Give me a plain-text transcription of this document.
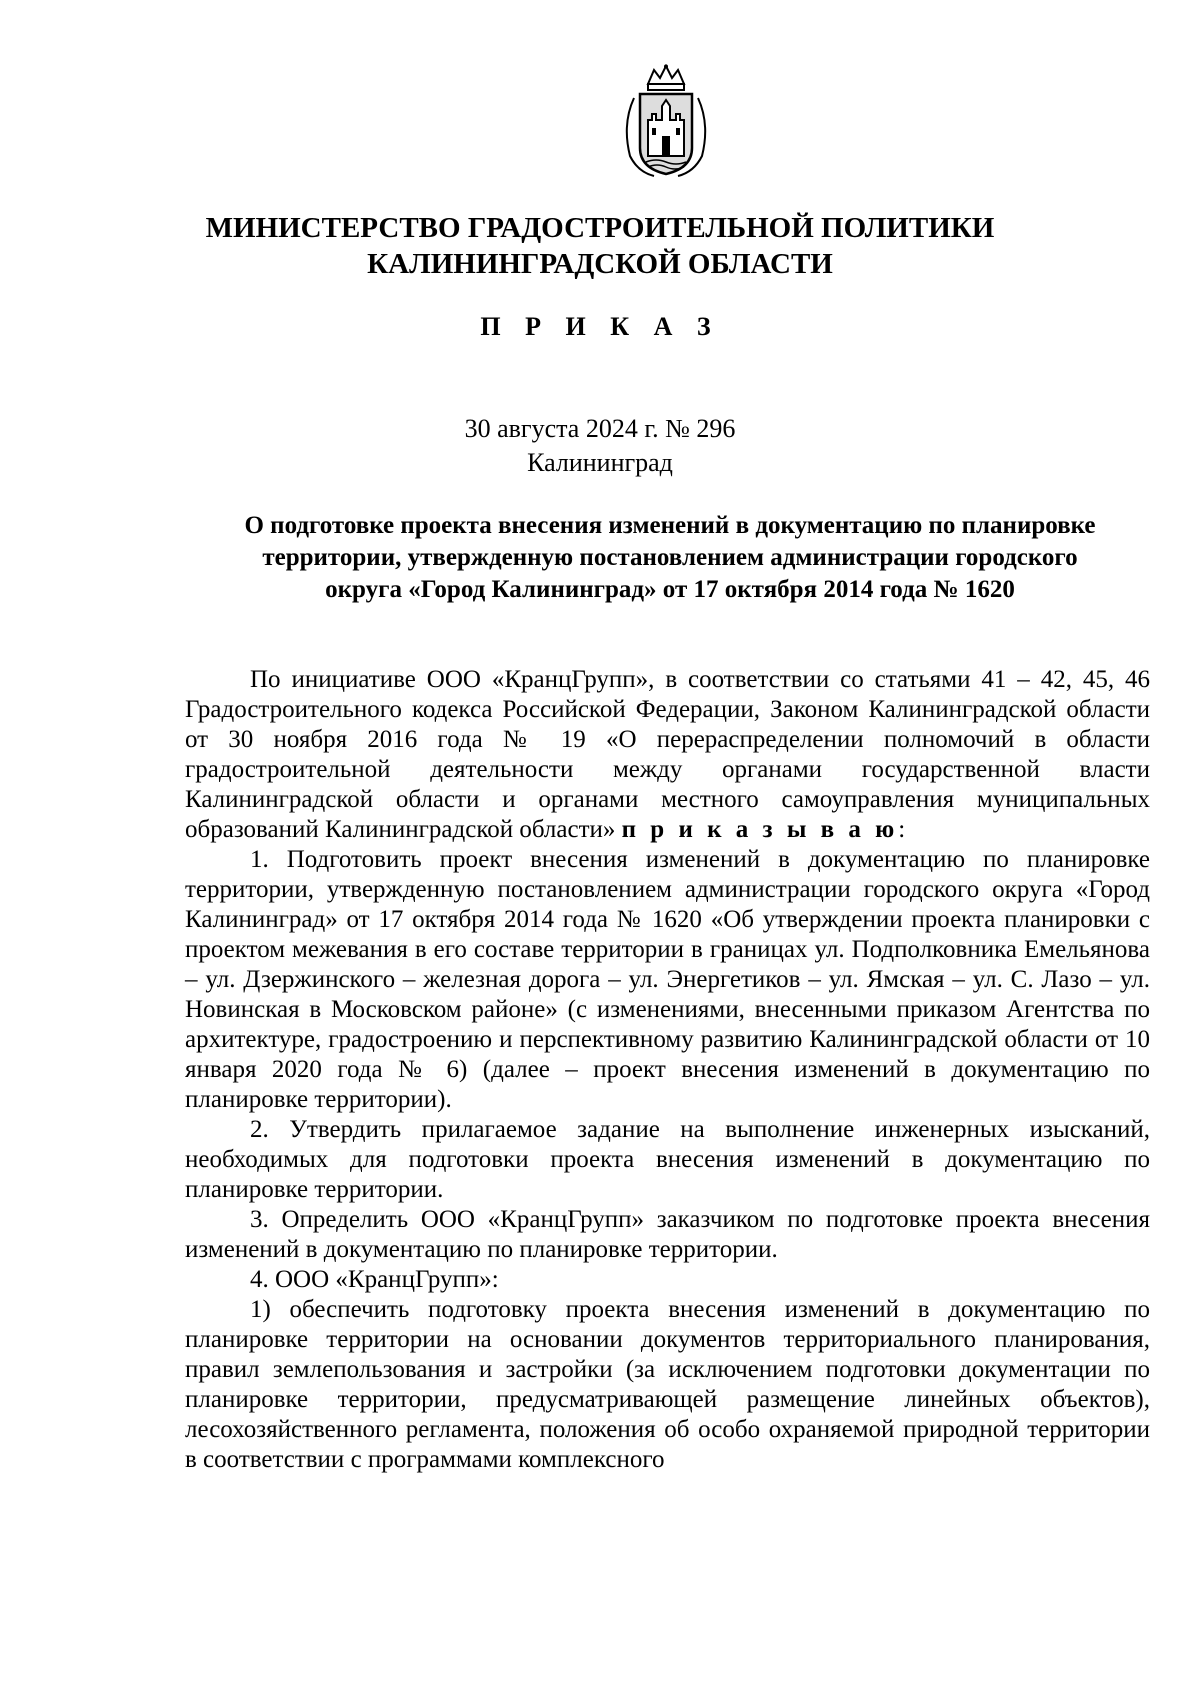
МИНИСТЕРСТВО ГРАДОСТРОИТЕЛЬНОЙ ПОЛИТИКИ
КАЛИНИНГРАДСКОЙ ОБЛАСТИ
П Р И К А З
30 августа 2024 г. № 296
Калининград
О подготовке проекта внесения изменений в документацию по планировке
территории, утвержденную постановлением администрации городского
округа «Город Калининград» от 17 октября 2014 года № 1620

По инициативе ООО «КранцГрупп», в соответствии со статьями 41 – 42, 45, 46 Градостроительного кодекса Российской Федерации, Законом Калининградской области от 30 ноября 2016 года № 19 «О перераспределении полномочий в области градостроительной деятельности между органами государственной власти Калининградской области и органами местного самоуправления муниципальных образований Калининградской области» п р и к а з ы в а ю:

1. Подготовить проект внесения изменений в документацию по планировке территории, утвержденную постановлением администрации городского округа «Город Калининград» от 17 октября 2014 года № 1620 «Об утверждении проекта планировки с проектом межевания в его составе территории в границах ул. Подполковника Емельянова – ул. Дзержинского – железная дорога – ул. Энергетиков – ул. Ямская – ул. С. Лазо – ул. Новинская в Московском районе» (с изменениями, внесенными приказом Агентства по архитектуре, градостроению и перспективному развитию Калининградской области от 10 января 2020 года № 6) (далее – проект внесения изменений в документацию по планировке территории).

2. Утвердить прилагаемое задание на выполнение инженерных изысканий, необходимых для подготовки проекта внесения изменений в документацию по планировке территории.

3. Определить ООО «КранцГрупп» заказчиком по подготовке проекта внесения изменений в документацию по планировке территории.

4. ООО «КранцГрупп»:

1) обеспечить подготовку проекта внесения изменений в документацию по планировке территории на основании документов территориального планирования, правил землепользования и застройки (за исключением подготовки документации по планировке территории, предусматривающей размещение линейных объектов), лесохозяйственного регламента, положения об особо охраняемой природной территории в соответствии с программами комплексного
